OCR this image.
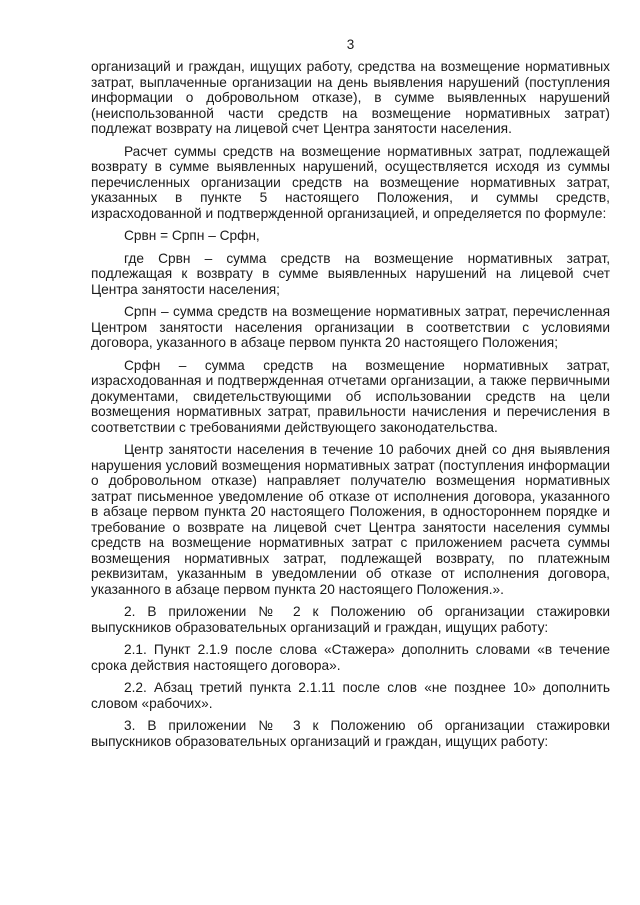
3

организаций и граждан, ищущих работу, средства на возмещение нормативных затрат, выплаченные организации на день выявления нарушений (поступления информации о добровольном отказе), в сумме выявленных нарушений (неиспользованной части средств на возмещение нормативных затрат) подлежат возврату на лицевой счет Центра занятости населения.

Расчет суммы средств на возмещение нормативных затрат, подлежащей возврату в сумме выявленных нарушений, осуществляется исходя из суммы перечисленных организации средств на возмещение нормативных затрат, указанных в пункте 5 настоящего Положения, и суммы средств, израсходованной и подтвержденной организацией, и определяется по формуле:

Срвн = Српн – Срфн,

где Срвн – сумма средств на возмещение нормативных затрат, подлежащая к возврату в сумме выявленных нарушений на лицевой счет Центра занятости населения;

Српн – сумма средств на возмещение нормативных затрат, перечисленная Центром занятости населения организации в соответствии с условиями договора, указанного в абзаце первом пункта 20 настоящего Положения;

Срфн – сумма средств на возмещение нормативных затрат, израсходованная и подтвержденная отчетами организации, а также первичными документами, свидетельствующими об использовании средств на цели возмещения нормативных затрат, правильности начисления и перечисления в соответствии с требованиями действующего законодательства.

Центр занятости населения в течение 10 рабочих дней со дня выявления нарушения условий возмещения нормативных затрат (поступления информации о добровольном отказе) направляет получателю возмещения нормативных затрат письменное уведомление об отказе от исполнения договора, указанного в абзаце первом пункта 20 настоящего Положения, в одностороннем порядке и требование о возврате на лицевой счет Центра занятости населения суммы средств на возмещение нормативных затрат с приложением расчета суммы возмещения нормативных затрат, подлежащей возврату, по платежным реквизитам, указанным в уведомлении об отказе от исполнения договора, указанного в абзаце первом пункта 20 настоящего Положения.».

2. В приложении № 2 к Положению об организации стажировки выпускников образовательных организаций и граждан, ищущих работу:

2.1. Пункт 2.1.9 после слова «Стажера» дополнить словами «в течение срока действия настоящего договора».

2.2. Абзац третий пункта 2.1.11 после слов «не позднее 10» дополнить словом «рабочих».

3. В приложении № 3 к Положению об организации стажировки выпускников образовательных организаций и граждан, ищущих работу:
